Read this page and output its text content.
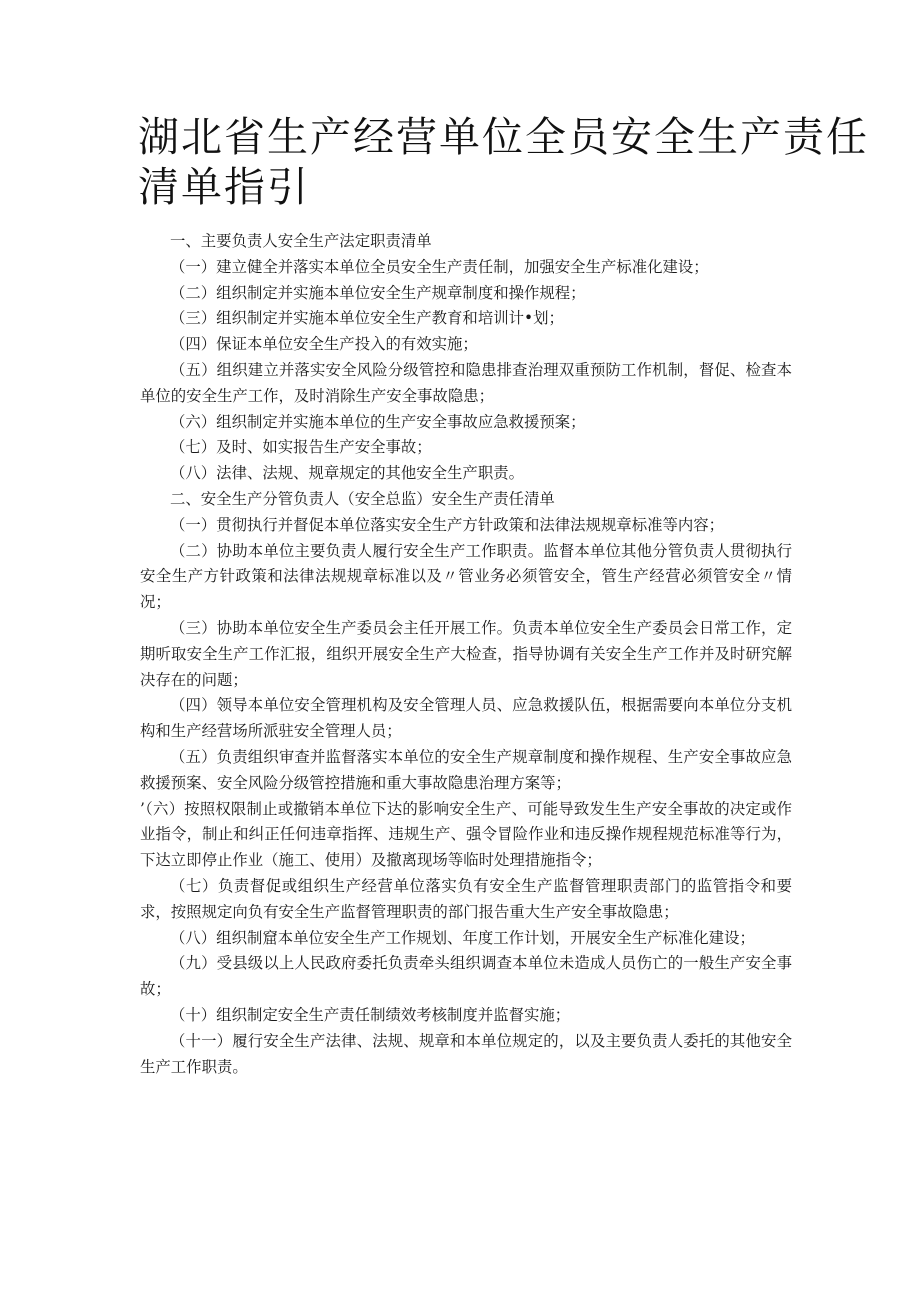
湖北省生产经营单位全员安全生产责任
清单指引

一、主要负责人安全生产法定职责清单

（一）建立健全并落实本单位全员安全生产责任制，加强安全生产标准化建设；

（二）组织制定并实施本单位安全生产规章制度和操作规程；

（三）组织制定并实施本单位安全生产教育和培训计•划；

（四）保证本单位安全生产投入的有效实施；

（五）组织建立并落实安全风险分级管控和隐患排查治理双重预防工作机制，督促、检查本单位的安全生产工作，及时消除生产安全事故隐患；

（六）组织制定并实施本单位的生产安全事故应急救援预案；

（七）及时、如实报告生产安全事故；

（八）法律、法规、规章规定的其他安全生产职责。

二、安全生产分管负责人（安全总监）安全生产责任清单

（一）贯彻执行并督促本单位落实安全生产方针政策和法律法规规章标准等内容；

（二）协助本单位主要负责人履行安全生产工作职责。监督本单位其他分管负责人贯彻执行安全生产方针政策和法律法规规章标准以及〃管业务必须管安全，管生产经营必须管安全〃情况；

（三）协助本单位安全生产委员会主任开展工作。负责本单位安全生产委员会日常工作，定期听取安全生产工作汇报，组织开展安全生产大检查，指导协调有关安全生产工作并及时研究解决存在的问题；

（四）领导本单位安全管理机构及安全管理人员、应急救援队伍，根据需要向本单位分支机构和生产经营场所派驻安全管理人员；

（五）负责组织审查并监督落实本单位的安全生产规章制度和操作规程、生产安全事故应急救援预案、安全风险分级管控措施和重大事故隐患治理方案等；

’（六）按照权限制止或撤销本单位下达的影响安全生产、可能导致发生生产安全事故的决定或作业指令，制止和纠正任何违章指挥、违规生产、强令冒险作业和违反操作规程规范标准等行为，下达立即停止作业（施工、使用）及撤离现场等临时处理措施指令；

（七）负责督促或组织生产经营单位落实负有安全生产监督管理职责部门的监管指令和要求，按照规定向负有安全生产监督管理职责的部门报告重大生产安全事故隐患；

（八）组织制窟本单位安全生产工作规划、年度工作计划，开展安全生产标准化建设；

（九）受县级以上人民政府委托负责牵头组织调查本单位未造成人员伤亡的一般生产安全事故；

（十）组织制定安全生产责任制绩效考核制度并监督实施；

（十一）履行安全生产法律、法规、规章和本单位规定的，以及主要负责人委托的其他安全生产工作职责。
